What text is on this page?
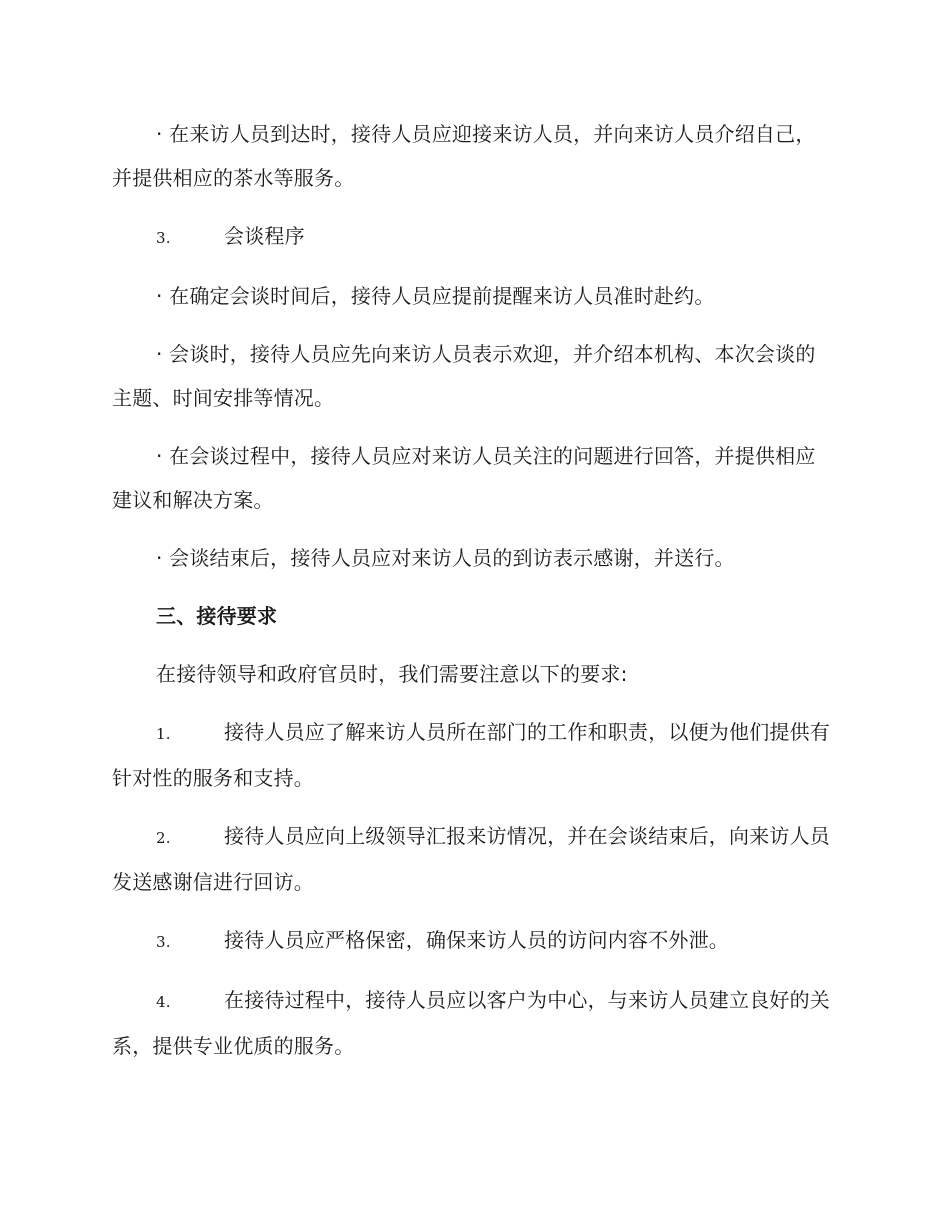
· 在来访人员到达时，接待人员应迎接来访人员，并向来访人员介绍自己，并提供相应的茶水等服务。

3.	会谈程序

· 在确定会谈时间后，接待人员应提前提醒来访人员准时赴约。

· 会谈时，接待人员应先向来访人员表示欢迎，并介绍本机构、本次会谈的主题、时间安排等情况。

· 在会谈过程中，接待人员应对来访人员关注的问题进行回答，并提供相应建议和解决方案。

· 会谈结束后，接待人员应对来访人员的到访表示感谢，并送行。

三、接待要求

在接待领导和政府官员时，我们需要注意以下的要求:

1.	接待人员应了解来访人员所在部门的工作和职责，以便为他们提供有针对性的服务和支持。

2.	接待人员应向上级领导汇报来访情况，并在会谈结束后，向来访人员发送感谢信进行回访。

3.	接待人员应严格保密，确保来访人员的访问内容不外泄。

4.	在接待过程中，接待人员应以客户为中心，与来访人员建立良好的关系，提供专业优质的服务。
